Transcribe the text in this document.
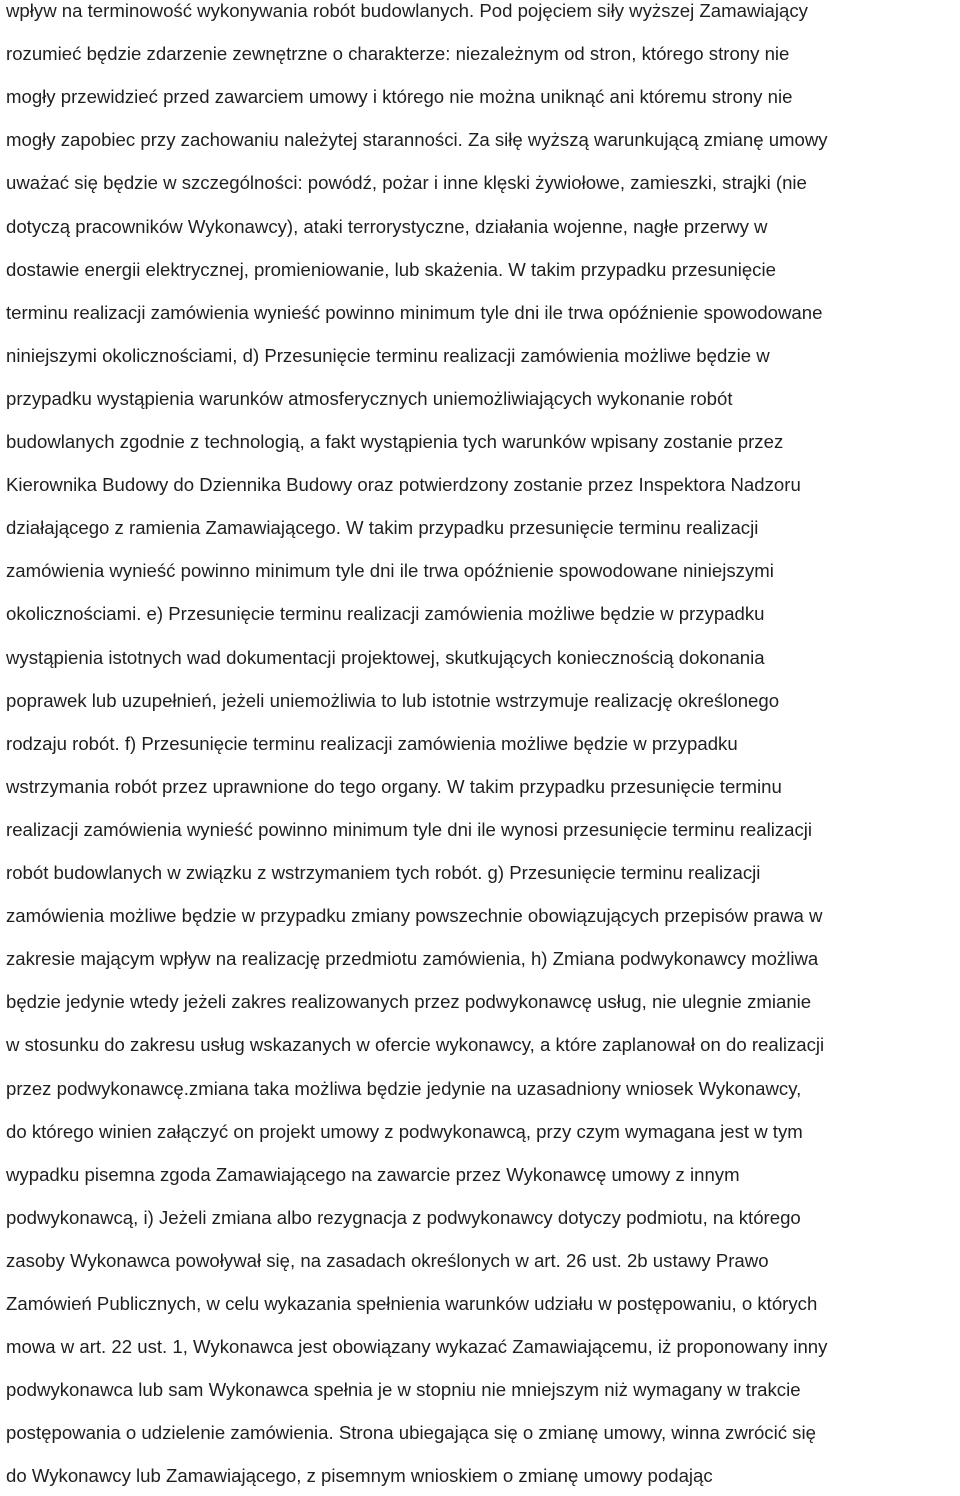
wpływ na terminowość wykonywania robót budowlanych. Pod pojęciem siły wyższej Zamawiający
rozumieć będzie zdarzenie zewnętrzne o charakterze: niezależnym od stron, którego strony nie
mogły przewidzieć przed zawarciem umowy i którego nie można uniknąć ani któremu strony nie
mogły zapobiec przy zachowaniu należytej staranności. Za siłę wyższą warunkującą zmianę umowy
uważać się będzie w szczególności: powódź, pożar i inne klęski żywiołowe, zamieszki, strajki (nie
dotyczą pracowników Wykonawcy), ataki terrorystyczne, działania wojenne, nagłe przerwy w
dostawie energii elektrycznej, promieniowanie, lub skażenia. W takim przypadku przesunięcie
terminu realizacji zamówienia wynieść powinno minimum tyle dni ile trwa opóźnienie spowodowane
niniejszymi okolicznościami, d) Przesunięcie terminu realizacji zamówienia możliwe będzie w
przypadku wystąpienia warunków atmosferycznych uniemożliwiających wykonanie robót
budowlanych zgodnie z technologią, a fakt wystąpienia tych warunków wpisany zostanie przez
Kierownika Budowy do Dziennika Budowy oraz potwierdzony zostanie przez Inspektora Nadzoru
działającego z ramienia Zamawiającego. W takim przypadku przesunięcie terminu realizacji
zamówienia wynieść powinno minimum tyle dni ile trwa opóźnienie spowodowane niniejszymi
okolicznościami. e) Przesunięcie terminu realizacji zamówienia możliwe będzie w przypadku
wystąpienia istotnych wad dokumentacji projektowej, skutkujących koniecznością dokonania
poprawek lub uzupełnień, jeżeli uniemożliwia to lub istotnie wstrzymuje realizację określonego
rodzaju robót. f) Przesunięcie terminu realizacji zamówienia możliwe będzie w przypadku
wstrzymania robót przez uprawnione do tego organy. W takim przypadku przesunięcie terminu
realizacji zamówienia wynieść powinno minimum tyle dni ile wynosi przesunięcie terminu realizacji
robót budowlanych w związku z wstrzymaniem tych robót. g) Przesunięcie terminu realizacji
zamówienia możliwe będzie w przypadku zmiany powszechnie obowiązujących przepisów prawa w
zakresie mającym wpływ na realizację przedmiotu zamówienia, h) Zmiana podwykonawcy możliwa
będzie jedynie wtedy jeżeli zakres realizowanych przez podwykonawcę usług, nie ulegnie zmianie
w stosunku do zakresu usług wskazanych w ofercie wykonawcy, a które zaplanował on do realizacji
przez podwykonawcę.zmiana taka możliwa będzie jedynie na uzasadniony wniosek Wykonawcy,
do którego winien załączyć on projekt umowy z podwykonawcą, przy czym wymagana jest w tym
wypadku pisemna zgoda Zamawiającego na zawarcie przez Wykonawcę umowy z innym
podwykonawcą, i) Jeżeli zmiana albo rezygnacja z podwykonawcy dotyczy podmiotu, na którego
zasoby Wykonawca powoływał się, na zasadach określonych w art. 26 ust. 2b ustawy Prawo
Zamówień Publicznych, w celu wykazania spełnienia warunków udziału w postępowaniu, o których
mowa w art. 22 ust. 1, Wykonawca jest obowiązany wykazać Zamawiającemu, iż proponowany inny
podwykonawca lub sam Wykonawca spełnia je w stopniu nie mniejszym niż wymagany w trakcie
postępowania o udzielenie zamówienia. Strona ubiegająca się o zmianę umowy, winna zwrócić się
do Wykonawcy lub Zamawiającego, z pisemnym wnioskiem o zmianę umowy podając
